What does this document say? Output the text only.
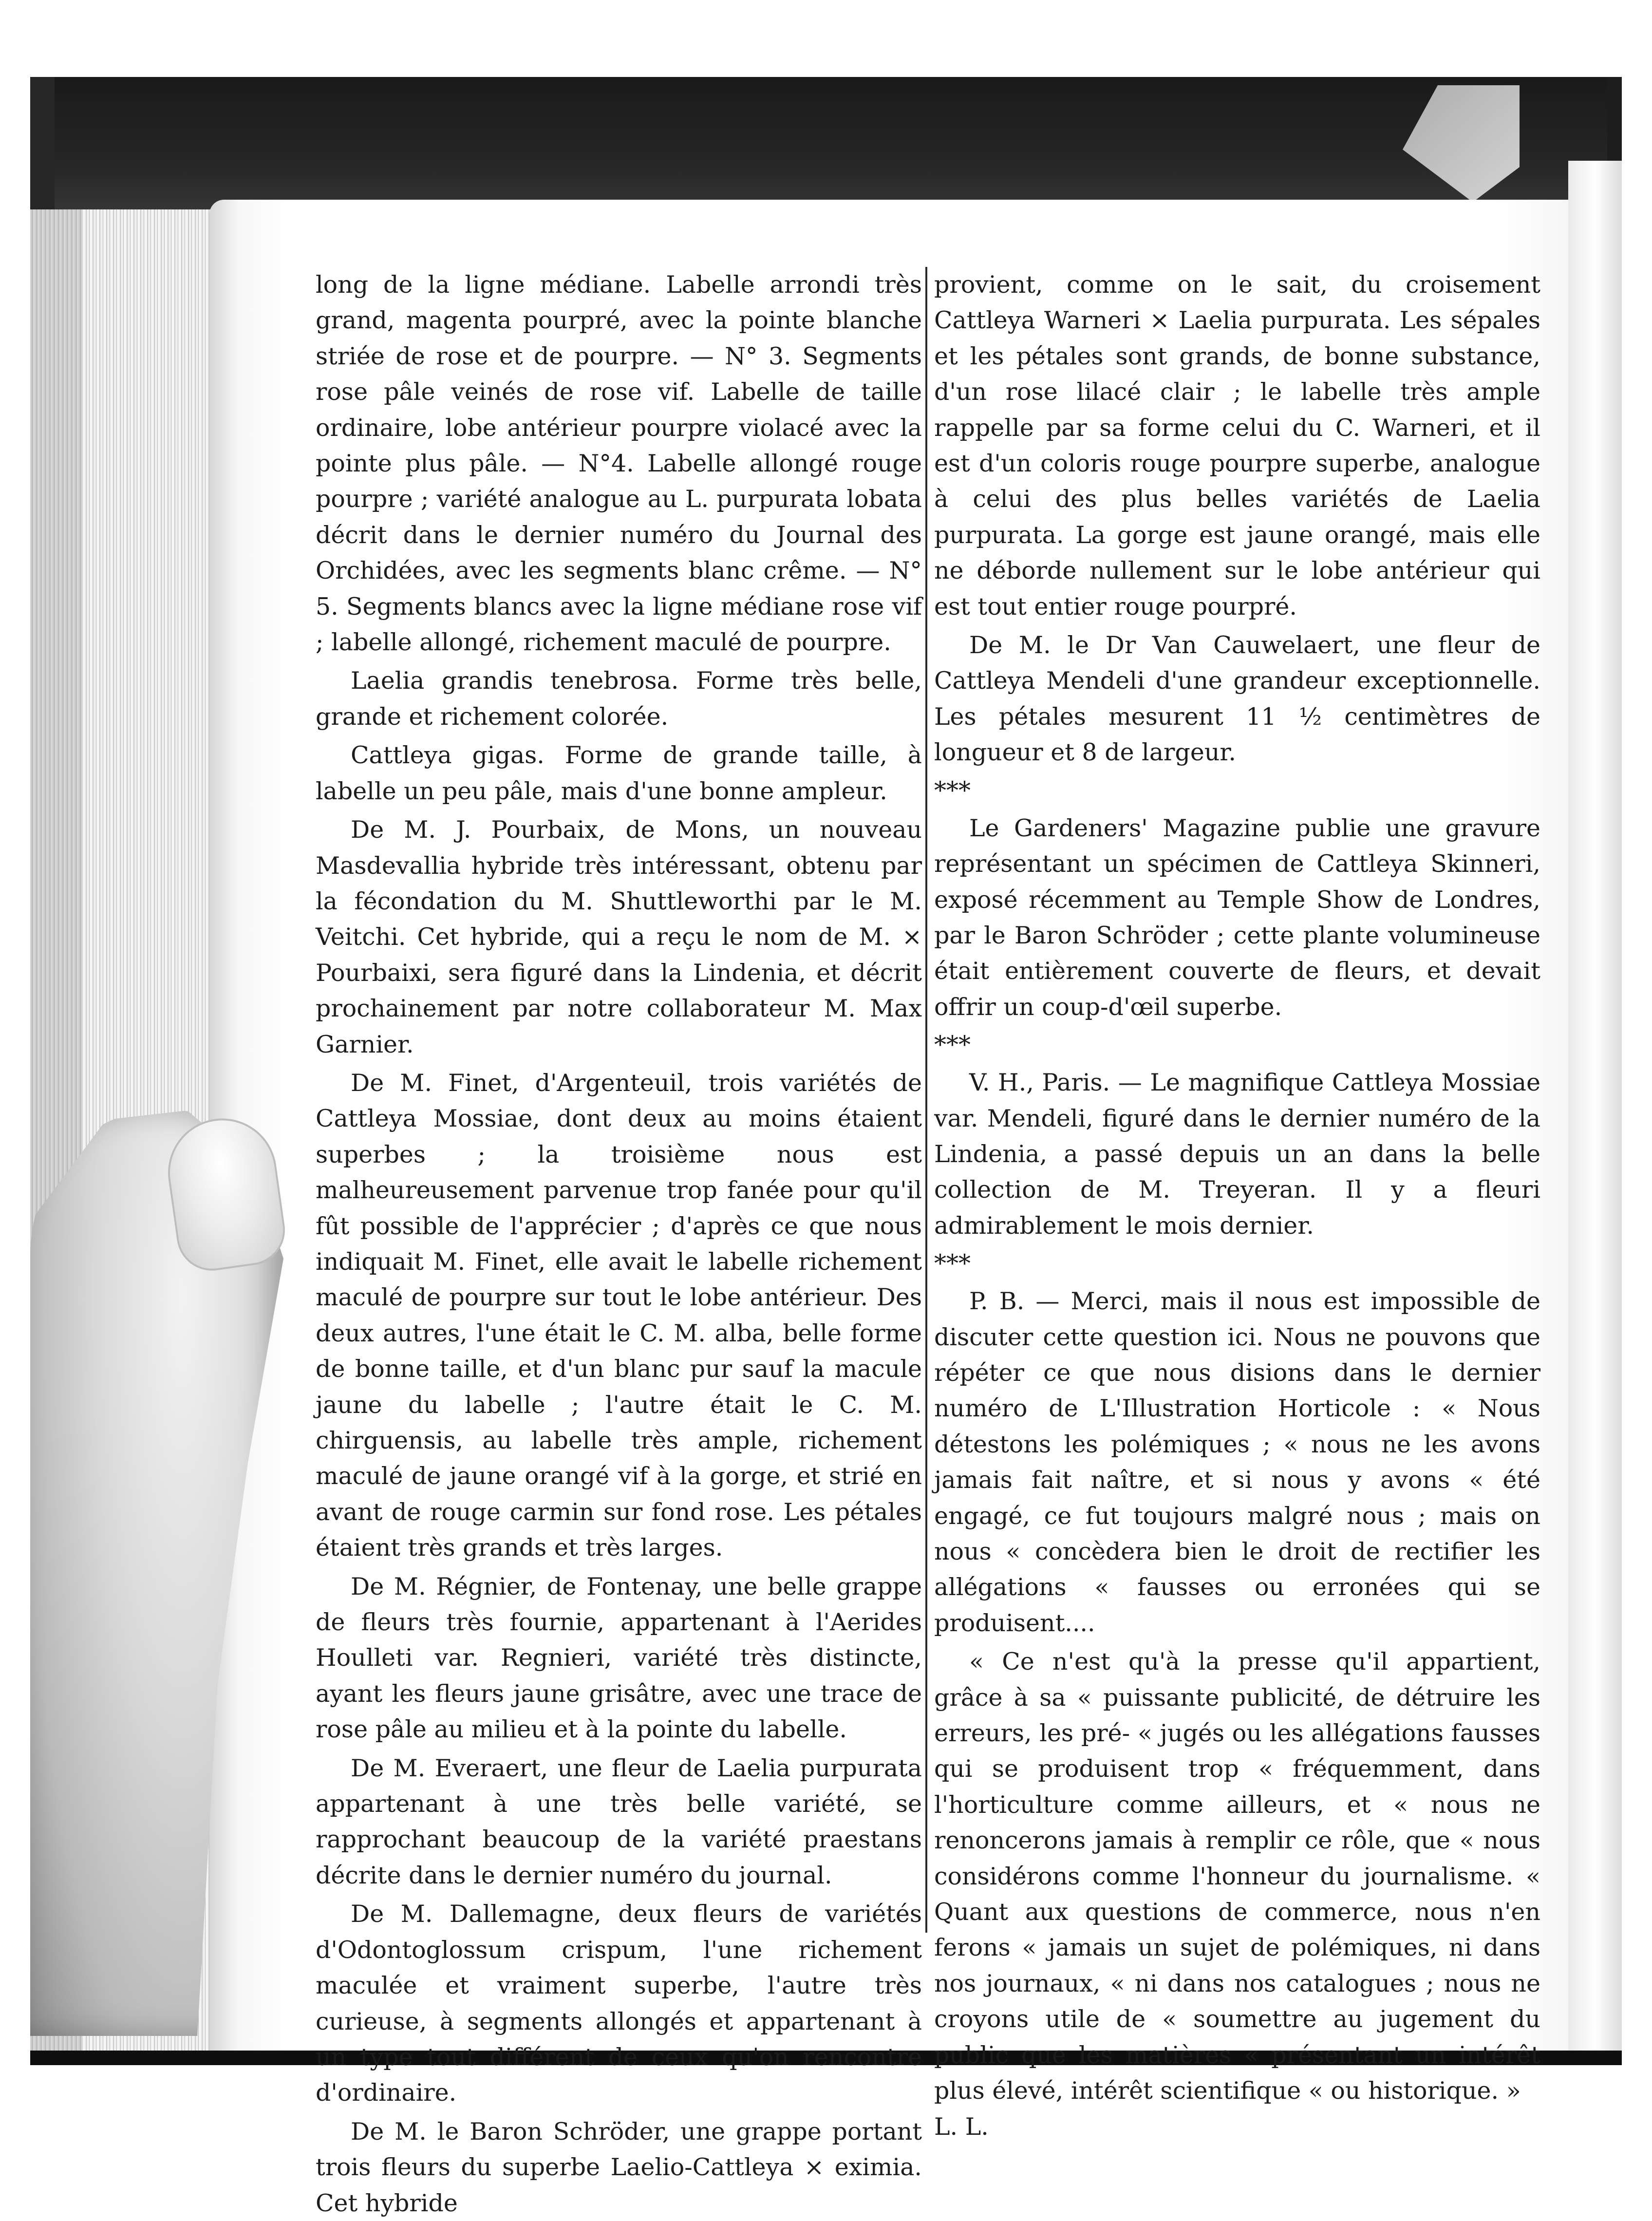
long de la ligne médiane. Labelle arrondi très grand, magenta pourpré, avec la pointe blanche striée de rose et de pourpre. — N° 3. Segments rose pâle veinés de rose vif. Labelle de taille ordinaire, lobe antérieur pourpre violacé avec la pointe plus pâle. — N°4. Labelle allongé rouge pourpre ; variété analogue au L. purpurata lobata décrit dans le dernier numéro du Journal des Orchidées, avec les segments blanc crême. — N° 5. Segments blancs avec la ligne médiane rose vif ; labelle allongé, richement maculé de pourpre.

Laelia grandis tenebrosa. Forme très belle, grande et richement colorée.

Cattleya gigas. Forme de grande taille, à labelle un peu pâle, mais d'une bonne ampleur.

De M. J. Pourbaix, de Mons, un nouveau Masdevallia hybride très intéressant, obtenu par la fécondation du M. Shuttleworthi par le M. Veitchi. Cet hybride, qui a reçu le nom de M. × Pourbaixi, sera figuré dans la Lindenia, et décrit prochainement par notre collaborateur M. Max Garnier.

De M. Finet, d'Argenteuil, trois variétés de Cattleya Mossiae, dont deux au moins étaient superbes ; la troisième nous est malheureusement parvenue trop fanée pour qu'il fût possible de l'apprécier ; d'après ce que nous indiquait M. Finet, elle avait le labelle richement maculé de pourpre sur tout le lobe antérieur. Des deux autres, l'une était le C. M. alba, belle forme de bonne taille, et d'un blanc pur sauf la macule jaune du labelle ; l'autre était le C. M. chirguensis, au labelle très ample, richement maculé de jaune orangé vif à la gorge, et strié en avant de rouge carmin sur fond rose. Les pétales étaient très grands et très larges.

De M. Régnier, de Fontenay, une belle grappe de fleurs très fournie, appartenant à l'Aerides Houlleti var. Regnieri, variété très distincte, ayant les fleurs jaune grisâtre, avec une trace de rose pâle au milieu et à la pointe du labelle.

De M. Everaert, une fleur de Laelia purpurata appartenant à une très belle variété, se rapprochant beaucoup de la variété praestans décrite dans le dernier numéro du journal.

De M. Dallemagne, deux fleurs de variétés d'Odontoglossum crispum, l'une richement maculée et vraiment superbe, l'autre très curieuse, à segments allongés et appartenant à un type tout différent de ceux qu'on rencontre d'ordinaire.

De M. le Baron Schröder, une grappe portant trois fleurs du superbe Laelio-Cattleya × eximia. Cet hybride

provient, comme on le sait, du croisement Cattleya Warneri × Laelia purpurata. Les sépales et les pétales sont grands, de bonne substance, d'un rose lilacé clair ; le labelle très ample rappelle par sa forme celui du C. Warneri, et il est d'un coloris rouge pourpre superbe, analogue à celui des plus belles variétés de Laelia purpurata. La gorge est jaune orangé, mais elle ne déborde nullement sur le lobe antérieur qui est tout entier rouge pourpré.

De M. le Dr Van Cauwelaert, une fleur de Cattleya Mendeli d'une grandeur exceptionnelle. Les pétales mesurent 11 ½ centimètres de longueur et 8 de largeur.

***

Le Gardeners' Magazine publie une gravure représentant un spécimen de Cattleya Skinneri, exposé récemment au Temple Show de Londres, par le Baron Schröder ; cette plante volumineuse était entièrement couverte de fleurs, et devait offrir un coup-d'œil superbe.

***

V. H., Paris. — Le magnifique Cattleya Mossiae var. Mendeli, figuré dans le dernier numéro de la Lindenia, a passé depuis un an dans la belle collection de M. Treyeran. Il y a fleuri admirablement le mois dernier.

***

P. B. — Merci, mais il nous est impossible de discuter cette question ici. Nous ne pouvons que répéter ce que nous disions dans le dernier numéro de L'Illustration Horticole : « Nous détestons les polémiques ; « nous ne les avons jamais fait naître, et si nous y avons « été engagé, ce fut toujours malgré nous ; mais on nous « concèdera bien le droit de rectifier les allégations « fausses ou erronées qui se produisent....

« Ce n'est qu'à la presse qu'il appartient, grâce à sa « puissante publicité, de détruire les erreurs, les pré- « jugés ou les allégations fausses qui se produisent trop « fréquemment, dans l'horticulture comme ailleurs, et « nous ne renoncerons jamais à remplir ce rôle, que « nous considérons comme l'honneur du journalisme. « Quant aux questions de commerce, nous n'en ferons « jamais un sujet de polémiques, ni dans nos journaux, « ni dans nos catalogues ; nous ne croyons utile de « soumettre au jugement du public que les matières « présentant un intérêt plus élevé, intérêt scientifique « ou historique. »

L. L.
